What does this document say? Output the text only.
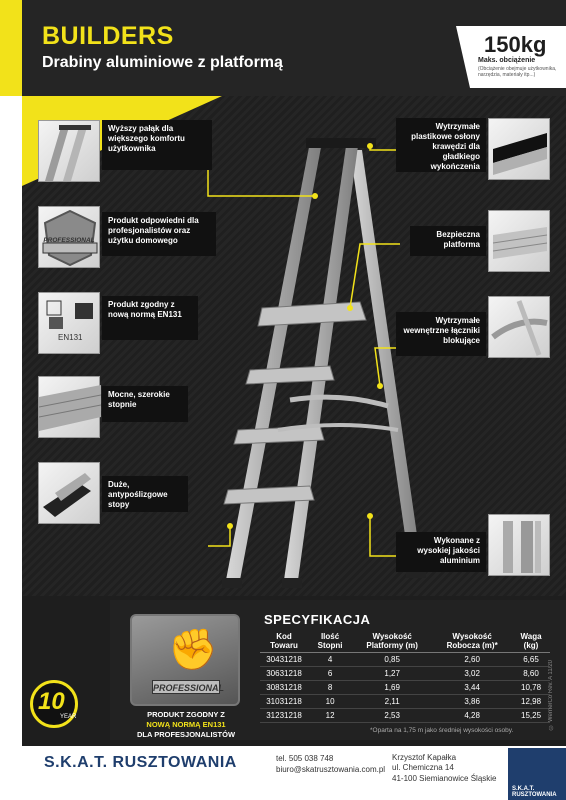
BUILDERS
Drabiny aluminiowe z platformą
150kg
Maks. obciążenie
(Obciążenie obejmuje użytkownika, narzędzia, materiały itp...)
Wyższy pałąk dla większego komfortu użytkownika
PROFESSIONAL
Produkt odpowiedni dla profesjonalistów oraz użytku domowego
EN131
Produkt zgodny z nową normą EN131
Mocne, szerokie stopnie
Duże, antypoślizgowe stopy
Wytrzymałe plastikowe osłony krawędzi dla gładkiego wykończenia
Bezpieczna platforma
Wytrzymałe wewnętrzne łączniki blokujące
Wykonane z wysokiej jakości aluminium
✊
PROFESSIONAL
PRODUKT ZGODNY Z
NOWĄ NORMĄ EN131
DLA PROFESJONALISTÓW
10
YEAR
SPECYFIKACJA
Kod Towaru	Ilość Stopni	Wysokość Platformy (m)	Wysokość Robocza (m)*	Waga (kg)
30431218	4	0,85	2,60	6,65
30631218	6	1,27	3,02	8,60
30831218	8	1,69	3,44	10,78
31031218	10	2,11	3,86	12,98
31231218	12	2,53	4,28	15,25
*Oparta na 1,75 m jako średniej wysokości osoby.
© WernerCo Rev. A 11/20
S.K.A.T. RUSZTOWANIA	tel. 505 038 748
biuro@skatrusztowania.com.pl
Krzysztof Kapałka
ul. Chemiczna 14
41-100 Siemianowice Śląskie
S.K.A.T. RUSZTOWANIA
